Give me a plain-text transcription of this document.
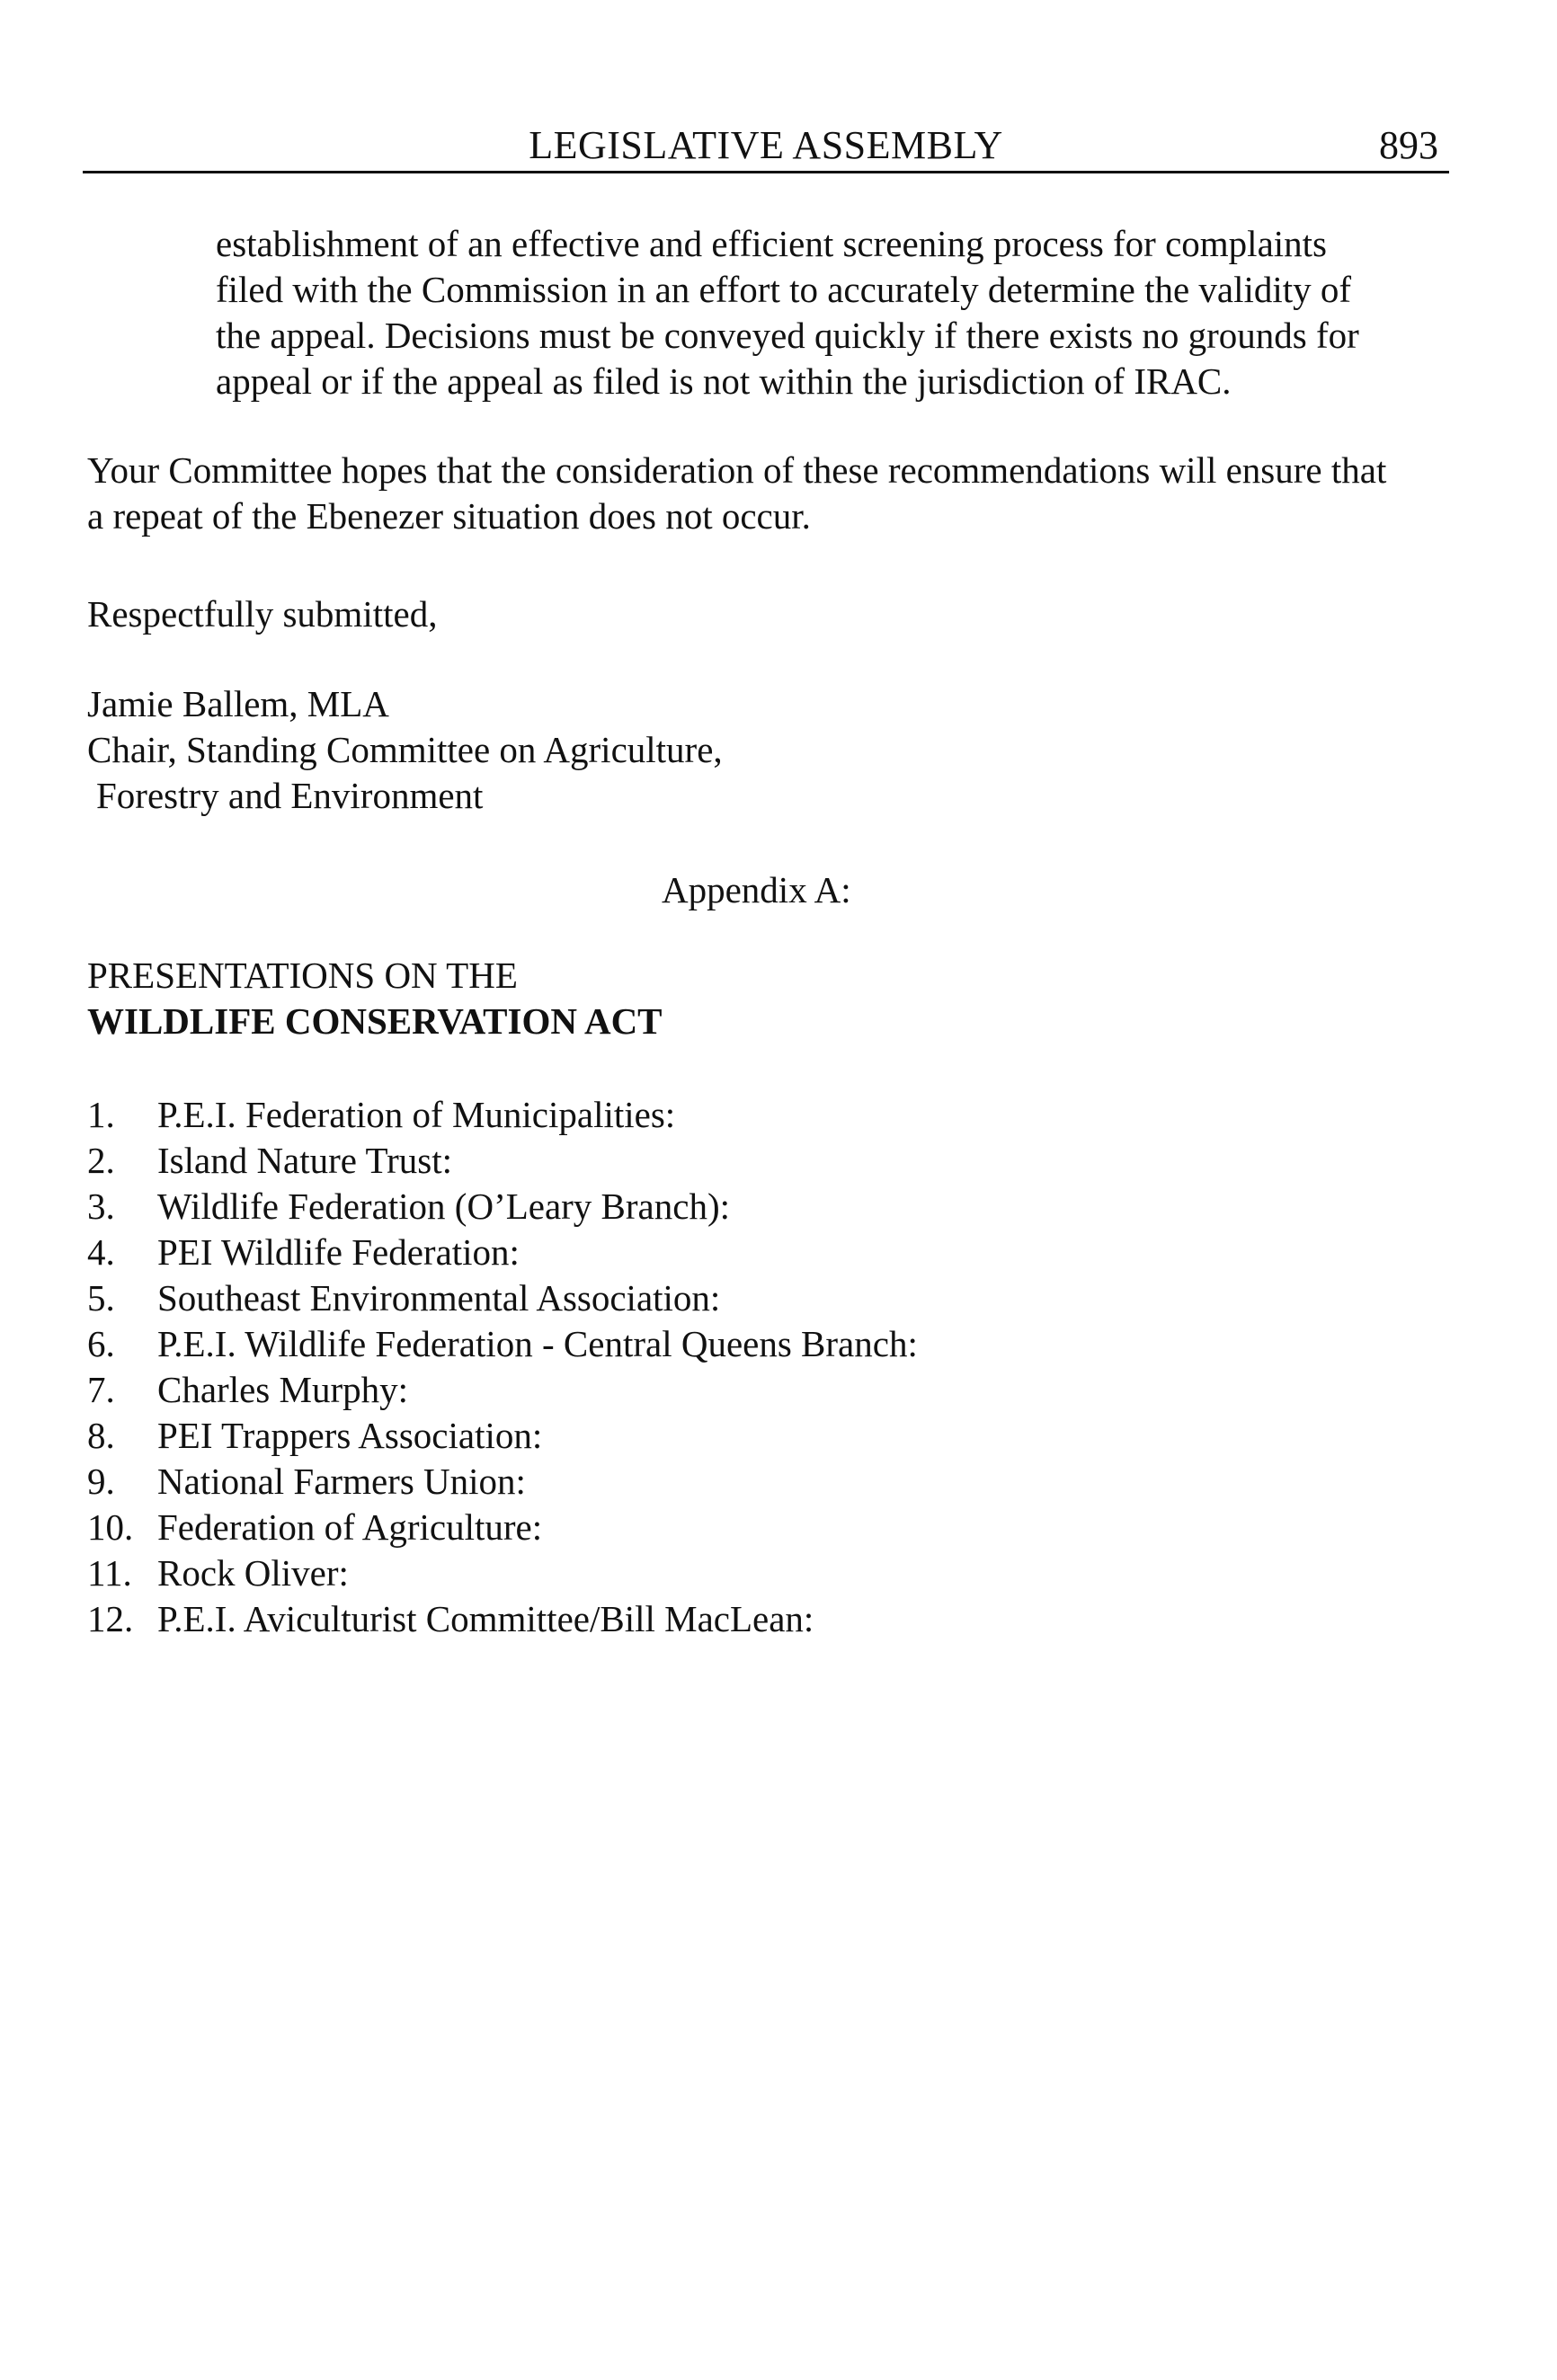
LEGISLATIVE ASSEMBLY	893
establishment of an effective and efficient screening process for complaints
filed with the Commission in an effort to accurately determine the validity of
the appeal. Decisions must be conveyed quickly if there exists no grounds for
appeal or if the appeal as filed is not within the jurisdiction of IRAC.
Your Committee hopes that the consideration of these recommendations will ensure that
a repeat of the Ebenezer situation does not occur.
Respectfully submitted,
Jamie Ballem, MLA
Chair, Standing Committee on Agriculture,
Forestry and Environment
Appendix A:
PRESENTATIONS ON THE
WILDLIFE CONSERVATION ACT
1. P.E.I. Federation of Municipalities:
2. Island Nature Trust:
3. Wildlife Federation (O’Leary Branch):
4. PEI Wildlife Federation:
5. Southeast Environmental Association:
6. P.E.I. Wildlife Federation - Central Queens Branch:
7. Charles Murphy:
8. PEI Trappers Association:
9. National Farmers Union:
10. Federation of Agriculture:
11. Rock Oliver:
12. P.E.I. Aviculturist Committee/Bill MacLean:
